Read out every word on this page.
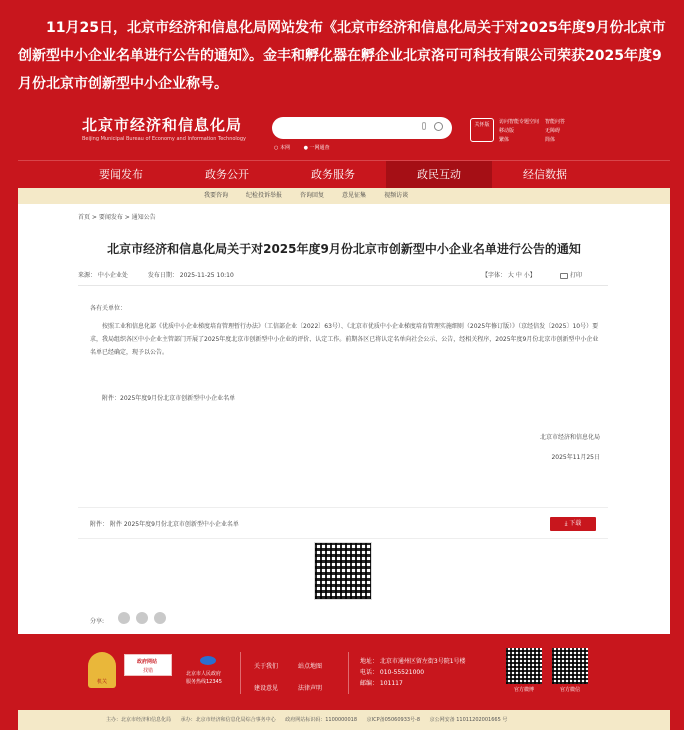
11月25日，北京市经济和信息化局网站发布《北京市经济和信息化局关于对2025年度9月份北京市创新型中小企业名单进行公告的通知》。金丰和孵化器在孵企业北京洛可可科技有限公司荣获2025年度9月份北京市创新型中小企业称号。
北京市经济和信息化局
Beijing Municipal Bureau of Economy and Information Technology
○ 本网	● 一网通查
关怀版	访问智能专题空间 智能问答
移动版	无障碍
繁体	简体
要闻发布	政务公开	政务服务	政民互动	经信数据
我要咨询	纪检投诉举报	咨询回复	意见征集	视频访谈
首页 > 要闻发布 > 通知公告
北京市经济和信息化局关于对2025年度9月份北京市创新型中小企业名单进行公告的通知
来源： 中小企业处	发布日期： 2025-11-25 10:10	【字体： 大 中 小】	打印
各有关单位：
按照工业和信息化部《优质中小企业梯度培育管理暂行办法》（工信部企业〔2022〕63号）、《北京市优质中小企业梯度培育管理实施细则（2025年修订版）》（京经信发〔2025〕10号）要求，我局组织各区中小企业主管部门开展了2025年度北京市创新型中小企业的评价、认定工作。前期各区已将认定名单向社会公示、公告，经相关程序，2025年度9月份北京市创新型中小企业名单已经确定，现予以公告。
附件：2025年度9月份北京市创新型中小企业名单
北京市经济和信息化局
2025年11月25日
附件： 附件 2025年度9月份北京市创新型中小企业名单	⤓ 下载
分享:
机关
政府网站
找错	北京市人民政府
服务热线12345
关于我们
建设意见
站点地图
法律声明
地址： 北京市通州区留左街3号院1号楼
电话： 010-55521000
邮编： 101117
官方微博	官方微信
主办：北京市经济和信息化局 承办：北京市经济和信息化局综合事务中心 政府网站标识码：1100000018 京ICP备05060933号-8 京公网安备 11011202001665 号
